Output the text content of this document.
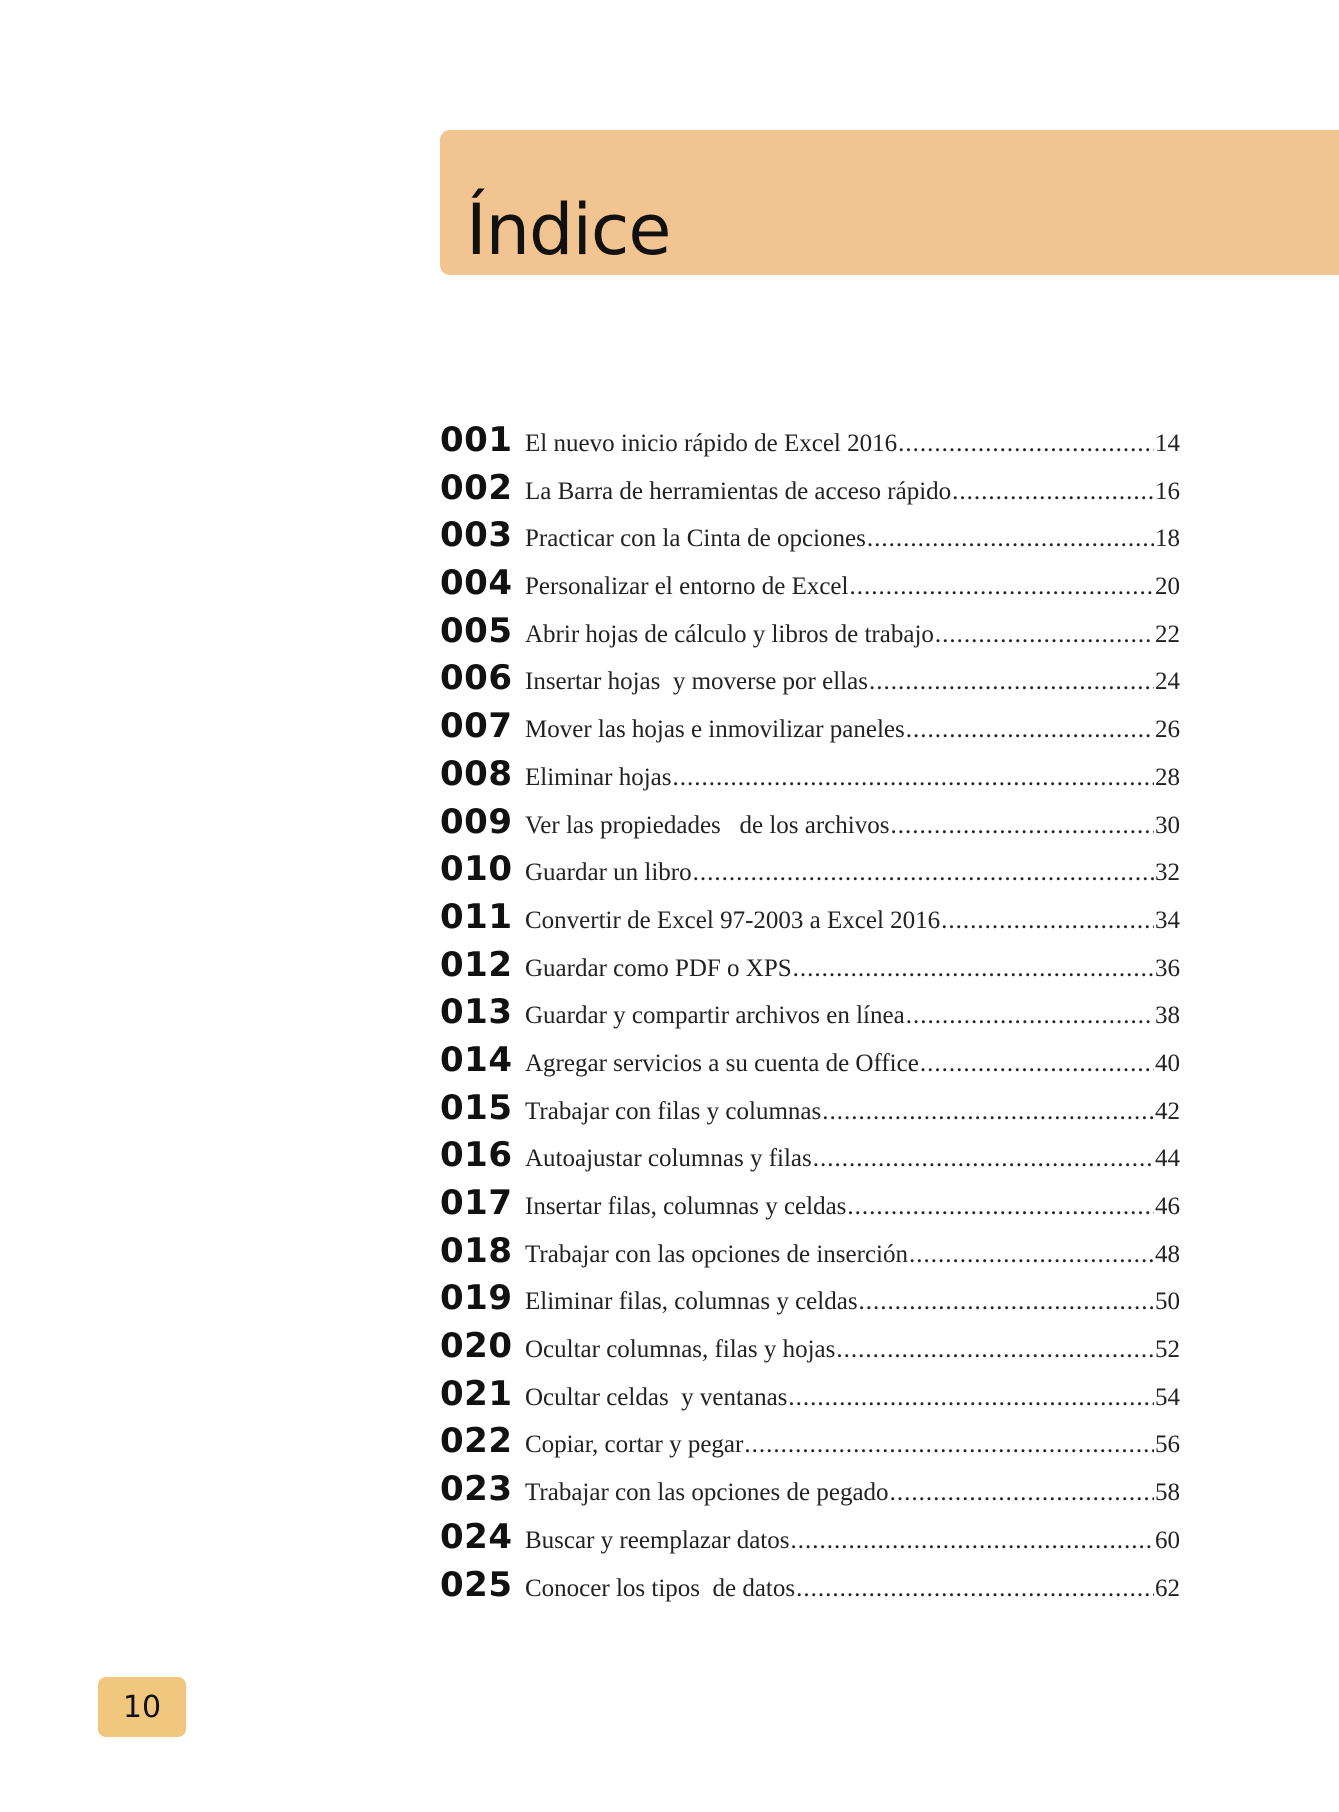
Índice
001 El nuevo inicio rápido de Excel 2016 .....	14
002 La Barra de herramientas de acceso rápido .....	16
003 Practicar con la Cinta de opciones .....	18
004 Personalizar el entorno de Excel .....	20
005 Abrir hojas de cálculo y libros de trabajo .....	22
006 Insertar hojas  y moverse por ellas .....	24
007 Mover las hojas e inmovilizar paneles .....	26
008 Eliminar hojas .....	28
009 Ver las propiedades   de los archivos .....	30
010 Guardar un libro .....	32
011 Convertir de Excel 97-2003 a Excel 2016 .....	34
012 Guardar como PDF o XPS .....	36
013 Guardar y compartir archivos en línea .....	38
014 Agregar servicios a su cuenta de Office .....	40
015 Trabajar con filas y columnas .....	42
016 Autoajustar columnas y filas .....	44
017 Insertar filas, columnas y celdas .....	46
018 Trabajar con las opciones de inserción .....	48
019 Eliminar filas, columnas y celdas .....	50
020 Ocultar columnas, filas y hojas .....	52
021 Ocultar celdas  y ventanas .....	54
022 Copiar, cortar y pegar .....	56
023 Trabajar con las opciones de pegado .....	58
024 Buscar y reemplazar datos .....	60
025 Conocer los tipos  de datos .....	62
10
